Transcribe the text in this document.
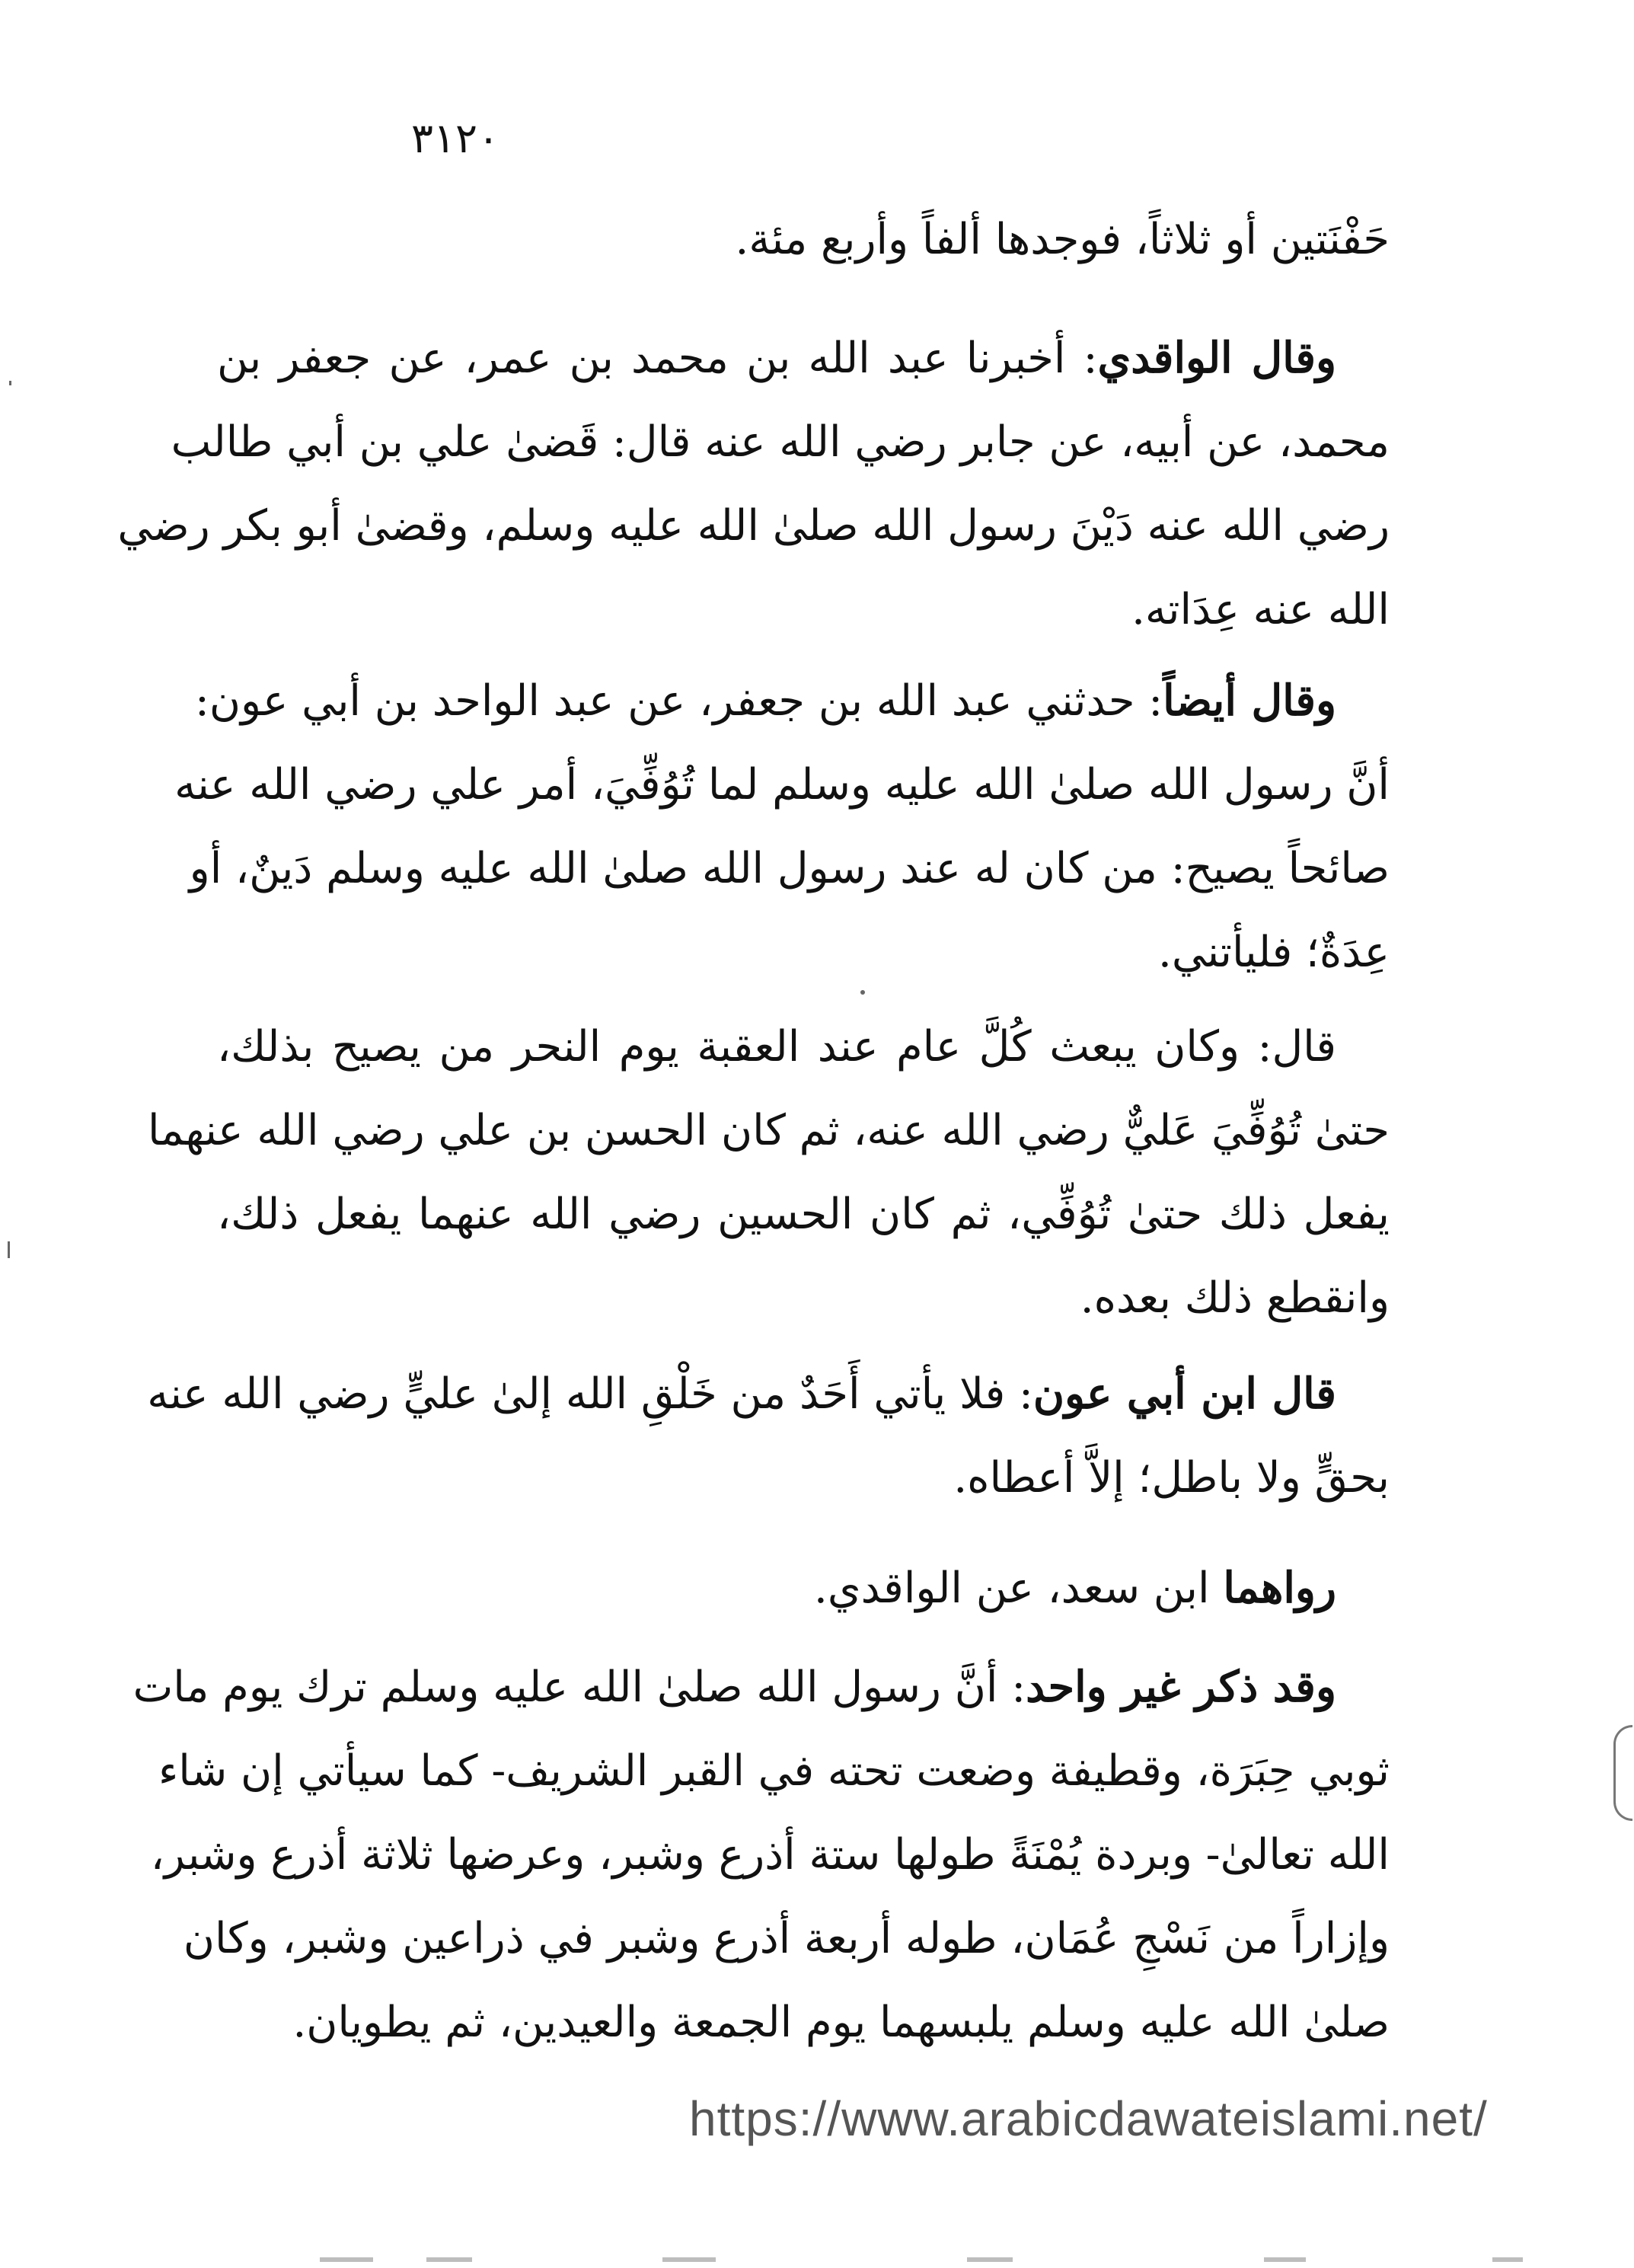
٣١٢٠
حَفْنَتين أو ثلاثاً، فوجدها ألفاً وأربع مئة.
وقال الواقدي: أخبرنا عبد الله بن محمد بن عمر، عن جعفر بن
محمد، عن أبيه، عن جابر رضي الله عنه قال: قَضىٰ علي بن أبي طالب
رضي الله عنه دَيْنَ رسول الله صلىٰ الله عليه وسلم، وقضىٰ أبو بكر رضي
الله عنه عِدَاته.
وقال أيضاً: حدثني عبد الله بن جعفر، عن عبد الواحد بن أبي عون:
أنَّ رسول الله صلىٰ الله عليه وسلم لما تُوُفِّيَ، أمر علي رضي الله عنه
صائحاً يصيح: من كان له عند رسول الله صلىٰ الله عليه وسلم دَينٌ، أو
عِدَةٌ؛ فليأتني.
قال: وكان يبعث كُلَّ عام عند العقبة يوم النحر من يصيح بذلك،
حتىٰ تُوُفِّيَ عَليٌّ رضي الله عنه، ثم كان الحسن بن علي رضي الله عنهما
يفعل ذلك حتىٰ تُوُفِّي، ثم كان الحسين رضي الله عنهما يفعل ذلك،
وانقطع ذلك بعده.
قال ابن أبي عون: فلا يأتي أَحَدٌ من خَلْقِ الله إلىٰ عليٍّ رضي الله عنه
بحقٍّ ولا باطل؛ إلاَّ أعطاه.
رواهما ابن سعد، عن الواقدي.
وقد ذكر غير واحد: أنَّ رسول الله صلىٰ الله عليه وسلم ترك يوم مات
ثوبي حِبَرَة، وقطيفة وضعت تحته في القبر الشريف- كما سيأتي إن شاء
الله تعالىٰ- وبردة يُمْنَةً طولها ستة أذرع وشبر، وعرضها ثلاثة أذرع وشبر،
وإزاراً من نَسْجِ عُمَان، طوله أربعة أذرع وشبر في ذراعين وشبر، وكان
صلىٰ الله عليه وسلم يلبسهما يوم الجمعة والعيدين، ثم يطويان.
https://www.arabicdawateislami.net/
